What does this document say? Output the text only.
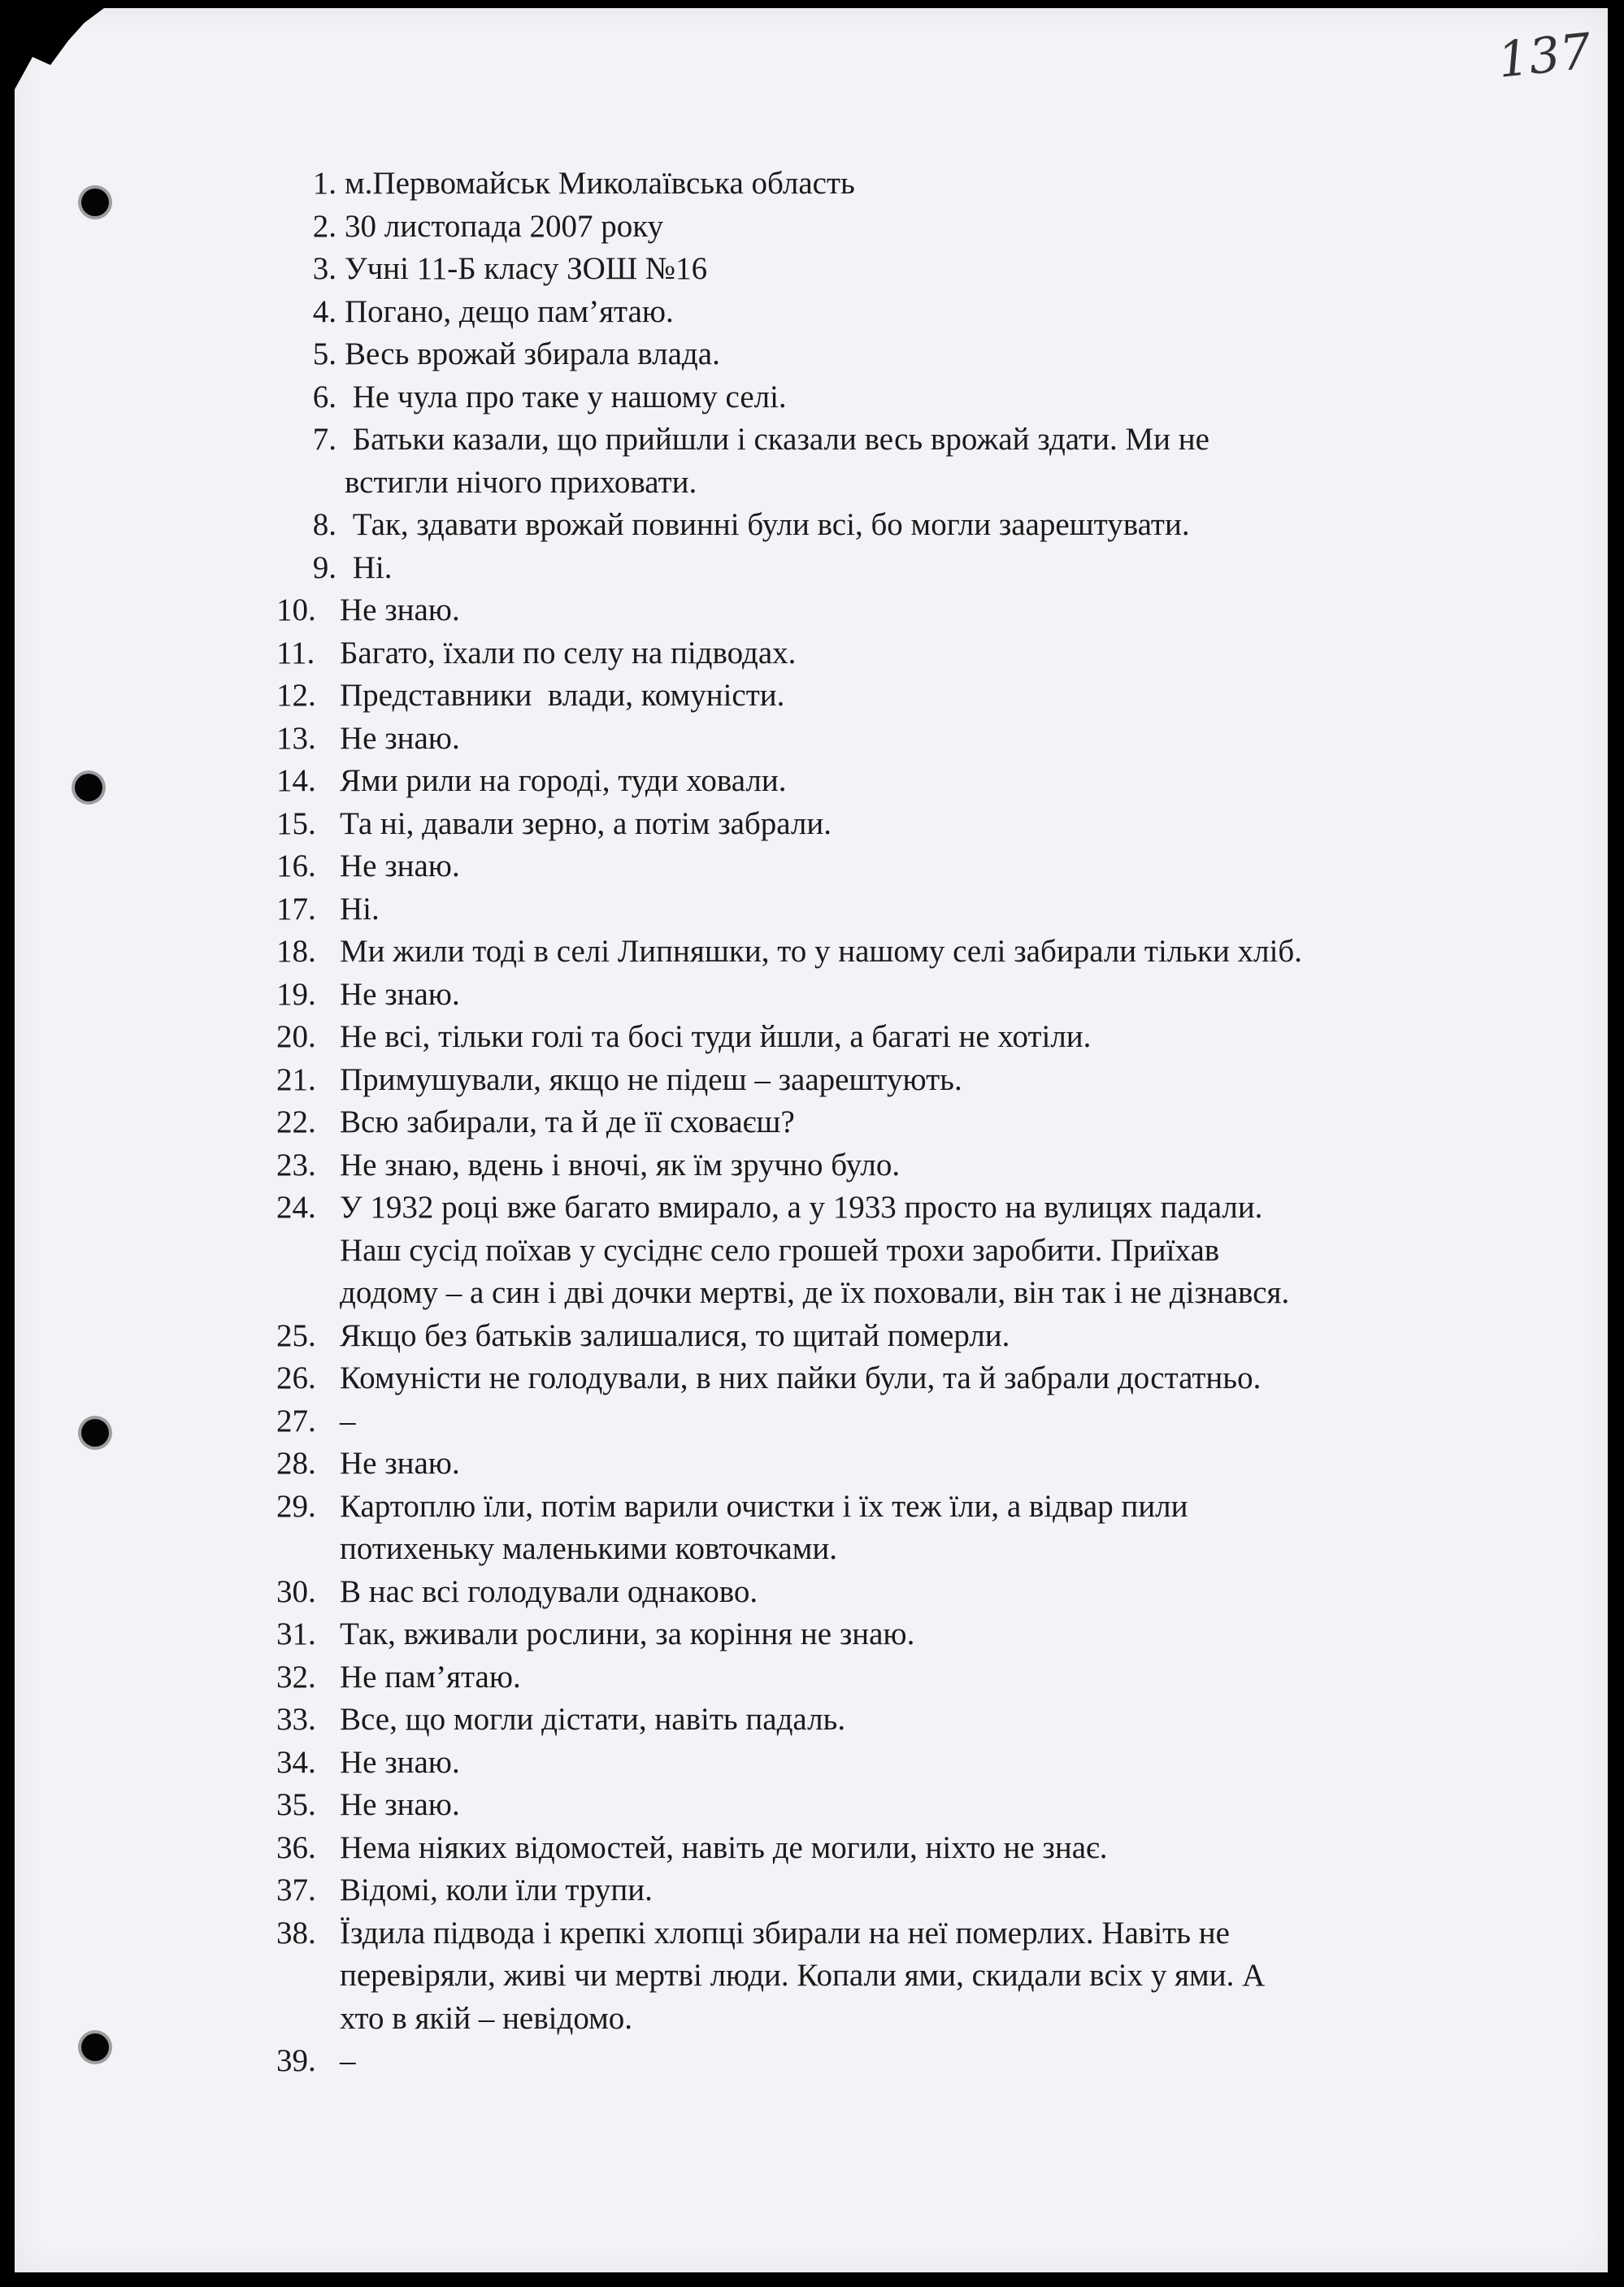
137
1. м.Первомайськ Миколаївська область
2. 30 листопада 2007 року
3. Учні 11-Б класу ЗОШ №16
4. Погано, дещо пам’ятаю.
5. Весь врожай збирала влада.
6. Не чула про таке у нашому селі.
7. Батьки казали, що прийшли і сказали весь врожай здати. Ми не
встигли нічого приховати.
8. Так, здавати врожай повинні були всі, бо могли заарештувати.
9. Ні.
10. Не знаю.
11. Багато, їхали по селу на підводах.
12. Представники  влади, комуністи.
13. Не знаю.
14. Ями рили на городі, туди ховали.
15. Та ні, давали зерно, а потім забрали.
16. Не знаю.
17. Ні.
18. Ми жили тоді в селі Липняшки, то у нашому селі забирали тільки хліб.
19. Не знаю.
20. Не всі, тільки голі та босі туди йшли, а багаті не хотіли.
21. Примушували, якщо не підеш – заарештують.
22. Всю забирали, та й де її сховаєш?
23. Не знаю, вдень і вночі, як їм зручно було.
24. У 1932 році вже багато вмирало, а у 1933 просто на вулицях падали.
Наш сусід поїхав у сусіднє село грошей трохи заробити. Приїхав
додому – а син і дві дочки мертві, де їх поховали, він так і не дізнався.
25. Якщо без батьків залишалися, то щитай померли.
26. Комуністи не голодували, в них пайки були, та й забрали достатньо.
27. –
28. Не знаю.
29. Картоплю їли, потім варили очистки і їх теж їли, а відвар пили
потихеньку маленькими ковточками.
30. В нас всі голодували однаково.
31. Так, вживали рослини, за коріння не знаю.
32. Не пам’ятаю.
33. Все, що могли дістати, навіть падаль.
34. Не знаю.
35. Не знаю.
36. Нема ніяких відомостей, навіть де могили, ніхто не знає.
37. Відомі, коли їли трупи.
38. Їздила підвода і крепкі хлопці збирали на неї померлих. Навіть не
перевіряли, живі чи мертві люди. Копали ями, скидали всіх у ями. А
хто в якій – невідомо.
39. –
